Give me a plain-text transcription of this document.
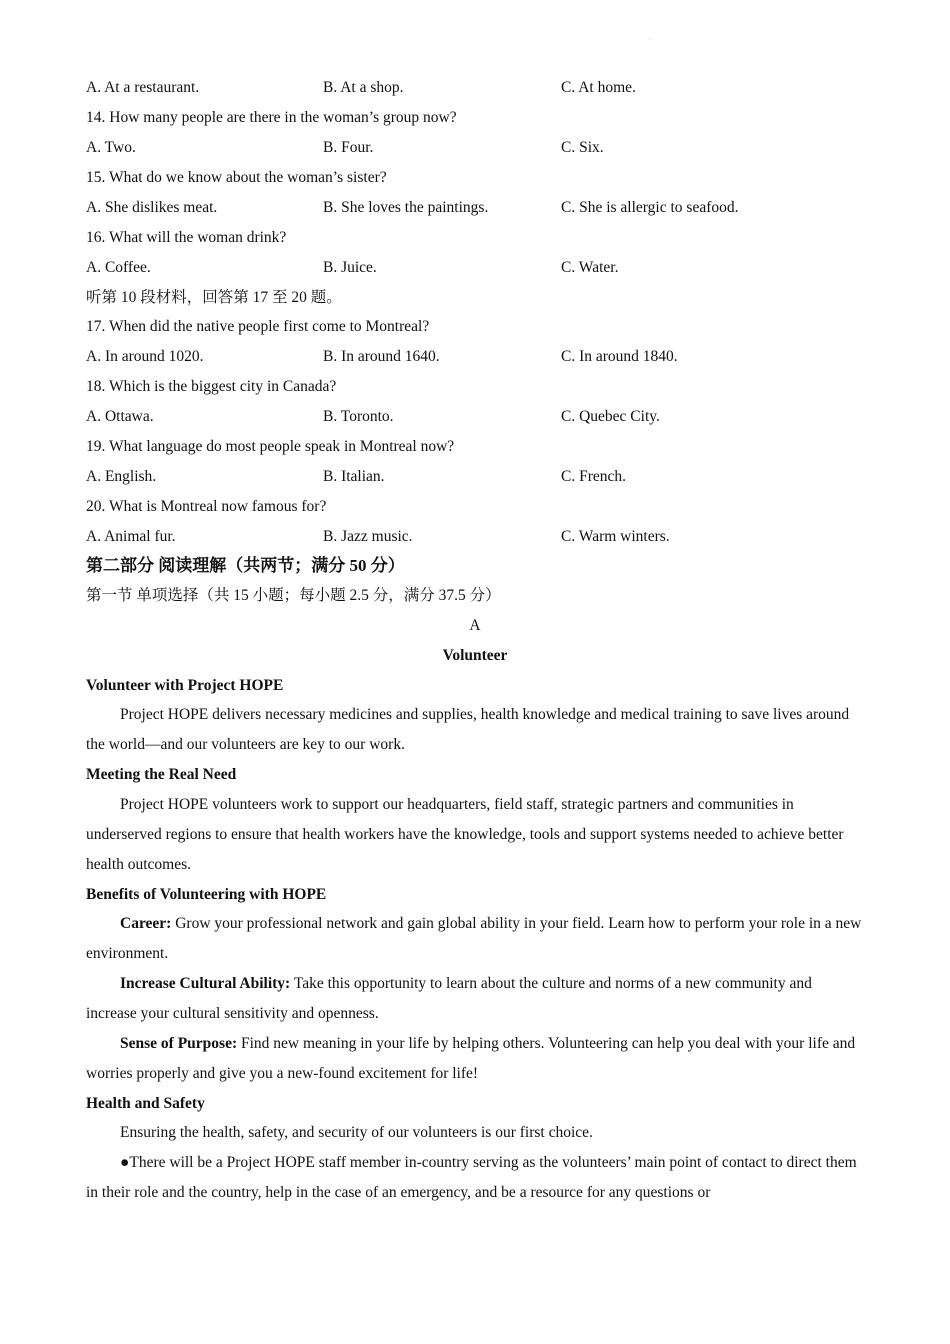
A. At a restaurant.	B. At a shop.	C. At home.
14. How many people are there in the woman’s group now?
A. Two.	B. Four.	C. Six.
15. What do we know about the woman’s sister?
A. She dislikes meat.	B. She loves the paintings.	C. She is allergic to seafood.
16. What will the woman drink?
A. Coffee.	B. Juice.	C. Water.
听第 10 段材料，回答第 17 至 20 题。
17. When did the native people first come to Montreal?
A. In around 1020.	B. In around 1640.	C. In around 1840.
18. Which is the biggest city in Canada?
A. Ottawa.	B. Toronto.	C. Quebec City.
19. What language do most people speak in Montreal now?
A. English.	B. Italian.	C. French.
20. What is Montreal now famous for?
A. Animal fur.	B. Jazz music.	C. Warm winters.
第二部分 阅读理解（共两节；满分 50 分）
第一节 单项选择（共 15 小题；每小题 2.5 分，满分 37.5 分）
A
Volunteer
Volunteer with Project HOPE
Project HOPE delivers necessary medicines and supplies, health knowledge and medical training to save lives around the world—and our volunteers are key to our work.
Meeting the Real Need
Project HOPE volunteers work to support our headquarters, field staff, strategic partners and communities in underserved regions to ensure that health workers have the knowledge, tools and support systems needed to achieve better health outcomes.
Benefits of Volunteering with HOPE
Career: Grow your professional network and gain global ability in your field. Learn how to perform your role in a new environment.
Increase Cultural Ability: Take this opportunity to learn about the culture and norms of a new community and increase your cultural sensitivity and openness.
Sense of Purpose: Find new meaning in your life by helping others. Volunteering can help you deal with your life and worries properly and give you a new-found excitement for life!
Health and Safety
Ensuring the health, safety, and security of our volunteers is our first choice.
●There will be a Project HOPE staff member in-country serving as the volunteers’ main point of contact to direct them in their role and the country, help in the case of an emergency, and be a resource for any questions or
